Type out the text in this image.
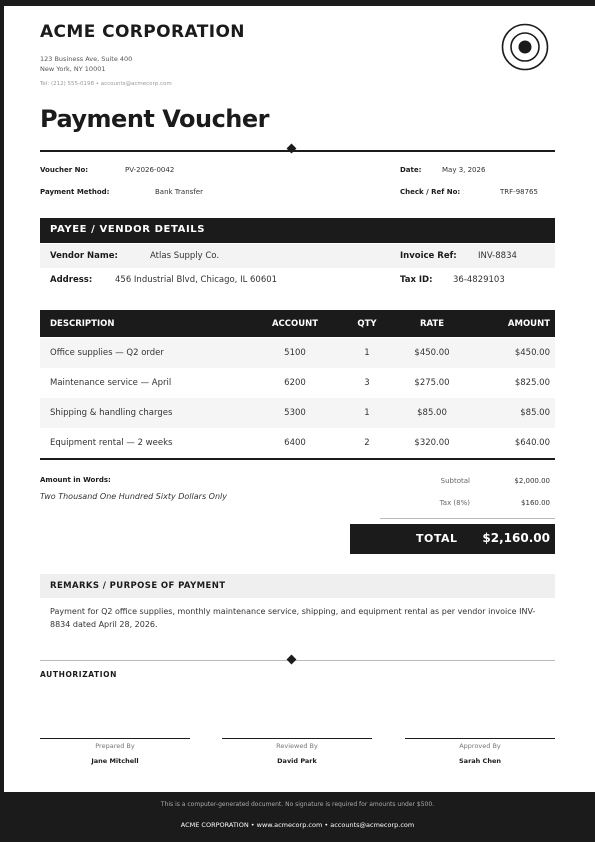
ACME CORPORATION
123 Business Ave, Suite 400
New York, NY 10001
Tel: (212) 555-0198 • accounts@acmecorp.com
Payment Voucher
Voucher No:	PV-2026-0042	Date:	May 3, 2026
Payment Method:	Bank Transfer	Check / Ref No:	TRF-98765
PAYEE / VENDOR DETAILS
Vendor Name:	Atlas Supply Co.	Invoice Ref:	INV-8834
Address:	456 Industrial Blvd, Chicago, IL 60601	Tax ID: 36-4829103
DESCRIPTION	ACCOUNT	QTY	RATE	AMOUNT
Office supplies — Q2 order	5100	1	$450.00	$450.00
Maintenance service — April	6200	3	$275.00	$825.00
Shipping & handling charges	5300	1	$85.00	$85.00
Equipment rental — 2 weeks	6400	2	$320.00	$640.00
Amount in Words:
Two Thousand One Hundred Sixty Dollars Only
Subtotal	$2,000.00
Tax (8%)	$160.00
TOTAL $2,160.00
REMARKS / PURPOSE OF PAYMENT
Payment for Q2 office supplies, monthly maintenance service, shipping, and equipment rental as per vendor invoice INV-8834 dated April 28, 2026.
AUTHORIZATION
Prepared By
Jane Mitchell
Reviewed By
David Park
Approved By
Sarah Chen
This is a computer-generated document. No signature is required for amounts under $500.
ACME CORPORATION • www.acmecorp.com • accounts@acmecorp.com
